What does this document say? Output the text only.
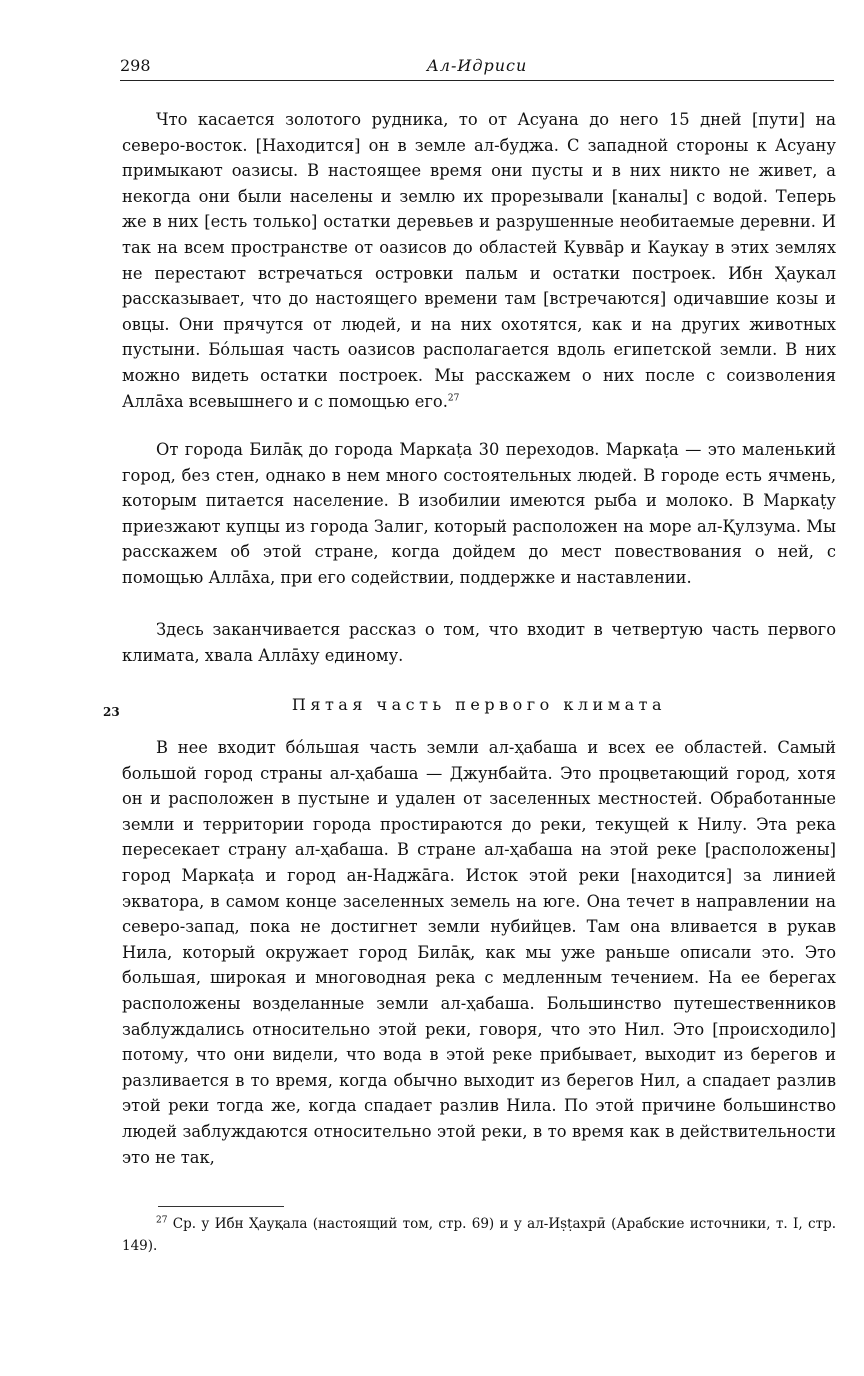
298	Ал-Идриси

Что касается золотого рудника, то от Асуана до него 15 дней [пути] на северо-восток. [Находится] он в земле ал-буджа. С западной стороны к Асуану примыкают оазисы. В настоящее время они пусты и в них никто не живет, а некогда они были населены и землю их прорезывали [каналы] с водой. Теперь же в них [есть только] остатки деревьев и разрушенные необитаемые деревни. И так на всем пространстве от оазисов до областей Куввāр и Каукау в этих землях не перестают встречаться островки пальм и остатки построек. Ибн Ҳаукал рассказывает, что до настоящего времени там [встречаются] одичавшие козы и овцы. Они прячутся от людей, и на них охотятся, как и на других животных пустыни. Бóльшая часть оазисов располагается вдоль египетской земли. В них можно видеть остатки построек. Мы расскажем о них после с соизволения Аллāха всевышнего и с помощью его.$^{27}$

От города Билāқ до города Маркаṭа 30 переходов. Маркаṭа — это маленький город, без стен, однако в нем много состоятельных людей. В городе есть ячмень, которым питается население. В изобилии имеются рыба и молоко. В Маркаṭу приезжают купцы из города Залиг, который расположен на море ал-Қулзума. Мы расскажем об этой стране, когда дойдем до мест повествования о ней, с помощью Аллāха, при его содействии, поддержке и наставлении.

Здесь заканчивается рассказ о том, что входит в четвертую часть первого климата, хвала Аллāху единому.

23	Пятая часть первого климата

В нее входит бóльшая часть земли ал-ҳабаша и всех ее областей. Самый большой город страны ал-ҳабаша — Джунбайта. Это процветающий город, хотя он и расположен в пустыне и удален от заселенных местностей. Обработанные земли и территории города простираются до реки, текущей к Нилу. Эта река пересекает страну ал-ҳабаша. В стране ал-ҳабаша на этой реке [расположены] город Маркаṭа и город ан-Наджāга. Исток этой реки [находится] за линией экватора, в самом конце заселенных земель на юге. Она течет в направлении на северо-запад, пока не достигнет земли нубийцев. Там она вливается в рукав Нила, который окружает город Билāқ, как мы уже раньше описали это. Это большая, широкая и многоводная река с медленным течением. На ее берегах расположены возделанные земли ал-ҳабаша. Большинство путешественников заблуждались относительно этой реки, говоря, что это Нил. Это [происходило] потому, что они видели, что вода в этой реке прибывает, выходит из берегов и разливается в то время, когда обычно выходит из берегов Нил, а спадает разлив этой реки тогда же, когда спадает разлив Нила. По этой причине большинство людей заблуждаются относительно этой реки, в то время как в действительности это не так,

$^{27}$ Ср. у Ибн Ҳауқала (настоящий том, стр. 69) и у ал-Иṣṭахрӣ (Арабские источники, т. I, стр. 149).
